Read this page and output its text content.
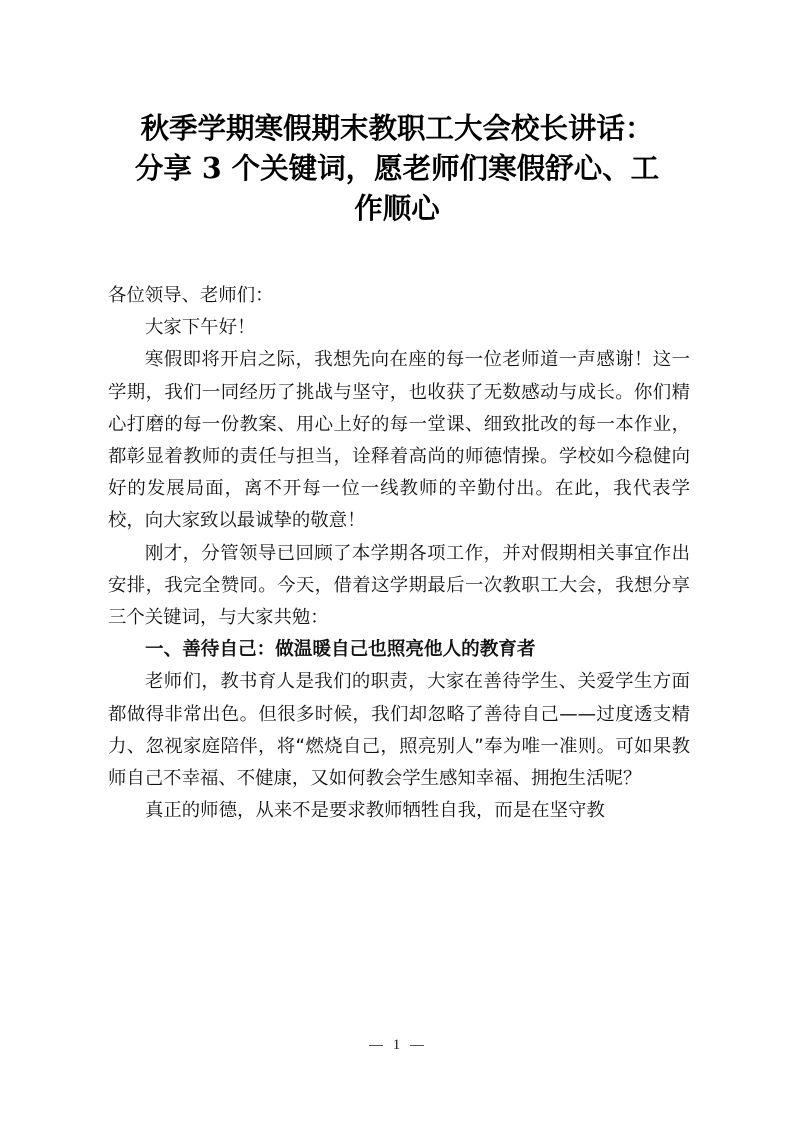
秋季学期寒假期末教职工大会校长讲话：
分享 3 个关键词，愿老师们寒假舒心、工
作顺心

各位领导、老师们：

大家下午好！

寒假即将开启之际，我想先向在座的每一位老师道一声感谢！这一学期，我们一同经历了挑战与坚守，也收获了无数感动与成长。你们精心打磨的每一份教案、用心上好的每一堂课、细致批改的每一本作业，都彰显着教师的责任与担当，诠释着高尚的师德情操。学校如今稳健向好的发展局面，离不开每一位一线教师的辛勤付出。在此，我代表学校，向大家致以最诚挚的敬意！

刚才，分管领导已回顾了本学期各项工作，并对假期相关事宜作出安排，我完全赞同。今天，借着这学期最后一次教职工大会，我想分享三个关键词，与大家共勉：

一、善待自己：做温暖自己也照亮他人的教育者

老师们，教书育人是我们的职责，大家在善待学生、关爱学生方面都做得非常出色。但很多时候，我们却忽略了善待自己——过度透支精力、忽视家庭陪伴，将“燃烧自己，照亮别人”奉为唯一准则。可如果教师自己不幸福、不健康，又如何教会学生感知幸福、拥抱生活呢？

真正的师德，从来不是要求教师牺牲自我，而是在坚守教

1
